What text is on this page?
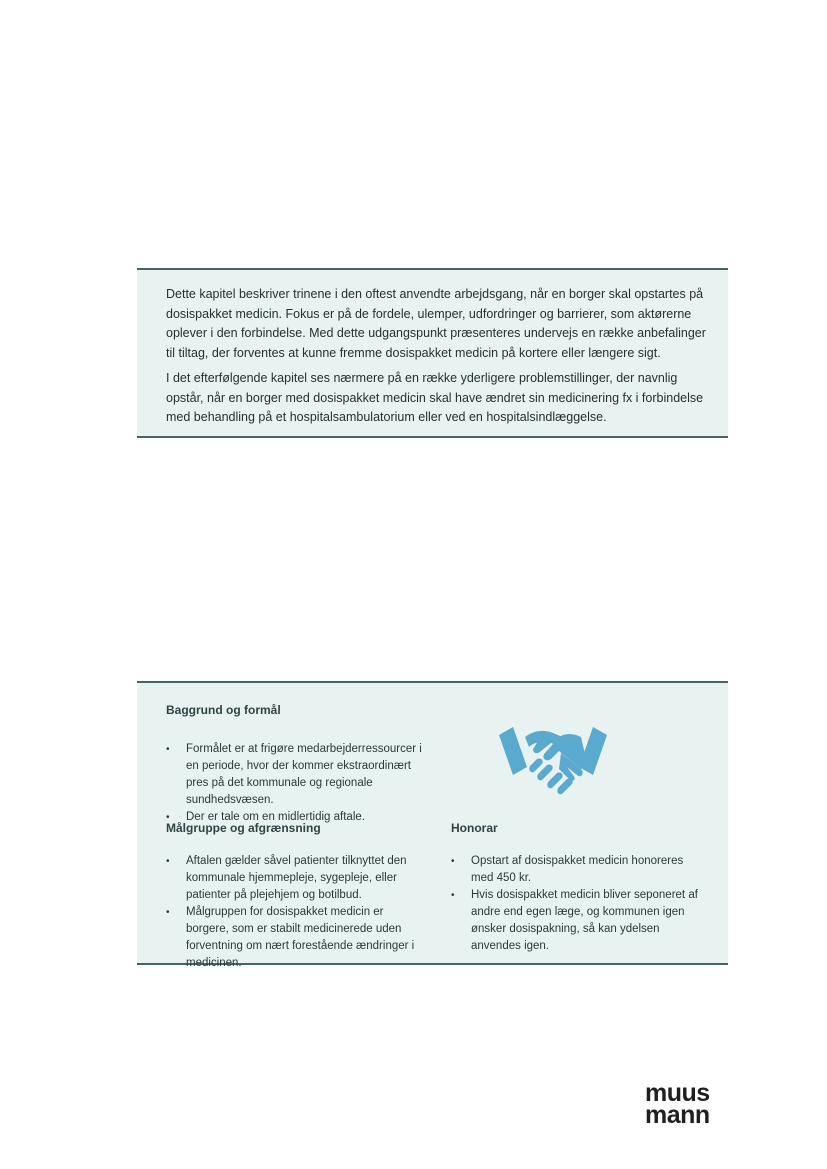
Dette kapitel beskriver trinene i den oftest anvendte arbejdsgang, når en borger skal opstartes på dosispakket medicin. Fokus er på de fordele, ulemper, udfordringer og barrierer, som aktørerne oplever i den forbindelse. Med dette udgangspunkt præsenteres undervejs en række anbefalinger til tiltag, der forventes at kunne fremme dosispakket medicin på kortere eller længere sigt.

I det efterfølgende kapitel ses nærmere på en række yderligere problemstillinger, der navnlig opstår, når en borger med dosispakket medicin skal have ændret sin medicinering fx i forbindelse med behandling på et hospitalsambulatorium eller ved en hospitalsindlæggelse.

Baggrund og formål
• Formålet er at frigøre medarbejderressourcer i en periode, hvor der kommer ekstraordinært pres på det kommunale og regionale sundhedsvæsen.
• Der er tale om en midlertidig aftale.
Målgruppe og afgrænsning
• Aftalen gælder såvel patienter tilknyttet den kommunale hjemmepleje, sygepleje, eller patienter på plejehjem og botilbud.
• Målgruppen for dosispakket medicin er borgere, som er stabilt medicinerede uden forventning om nært forestående ændringer i medicinen.
Honorar
• Opstart af dosispakket medicin honoreres med 450 kr.
• Hvis dosispakket medicin bliver seponeret af andre end egen læge, og kommunen igen ønsker dosispakning, så kan ydelsen anvendes igen.
muus
mann
